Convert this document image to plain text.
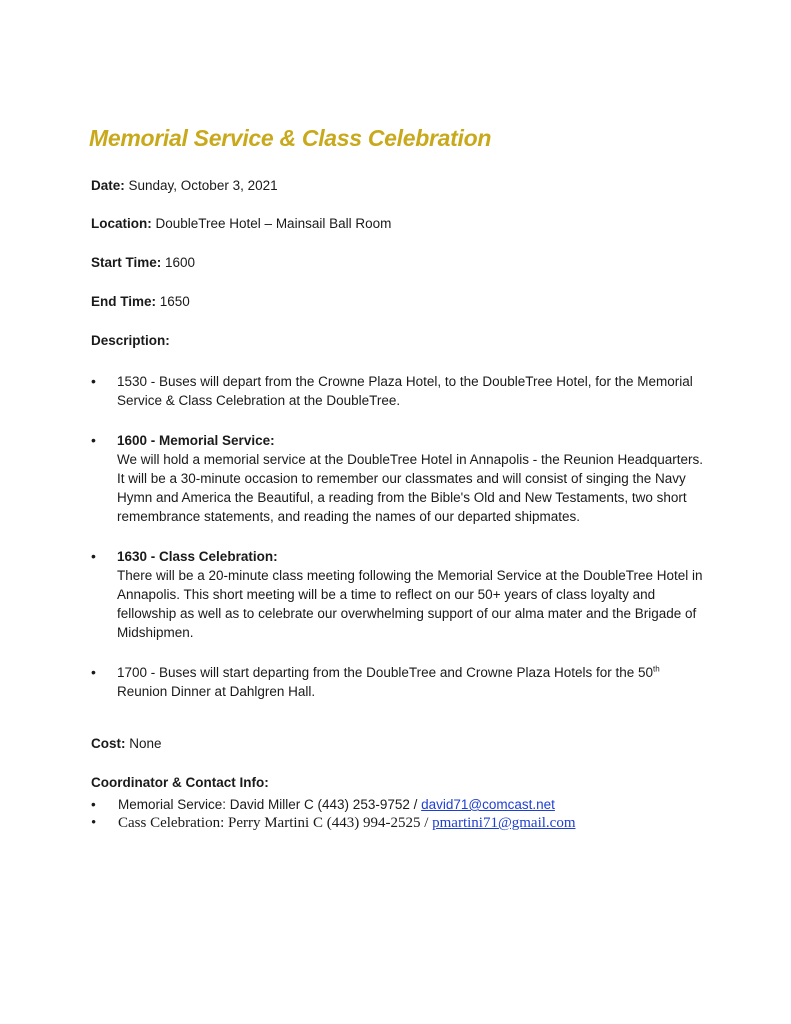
Memorial Service & Class Celebration
Date: Sunday, October 3, 2021
Location: DoubleTree Hotel – Mainsail Ball Room
Start Time: 1600
End Time: 1650
Description:
• 1530 - Buses will depart from the Crowne Plaza Hotel, to the DoubleTree Hotel, for the Memorial Service & Class Celebration at the DoubleTree.
• 1600 - Memorial Service:
We will hold a memorial service at the DoubleTree Hotel in Annapolis - the Reunion Headquarters. It will be a 30-minute occasion to remember our classmates and will consist of singing the Navy Hymn and America the Beautiful, a reading from the Bible's Old and New Testaments, two short remembrance statements, and reading the names of our departed shipmates.
• 1630 - Class Celebration:
There will be a 20-minute class meeting following the Memorial Service at the DoubleTree Hotel in Annapolis. This short meeting will be a time to reflect on our 50+ years of class loyalty and fellowship as well as to celebrate our overwhelming support of our alma mater and the Brigade of Midshipmen.
• 1700 - Buses will start departing from the DoubleTree and Crowne Plaza Hotels for the 50th Reunion Dinner at Dahlgren Hall.
Cost: None
Coordinator & Contact Info:
• Memorial Service: David Miller C (443) 253-9752 / david71@comcast.net
• Cass Celebration: Perry Martini C (443) 994-2525 / pmartini71@gmail.com
